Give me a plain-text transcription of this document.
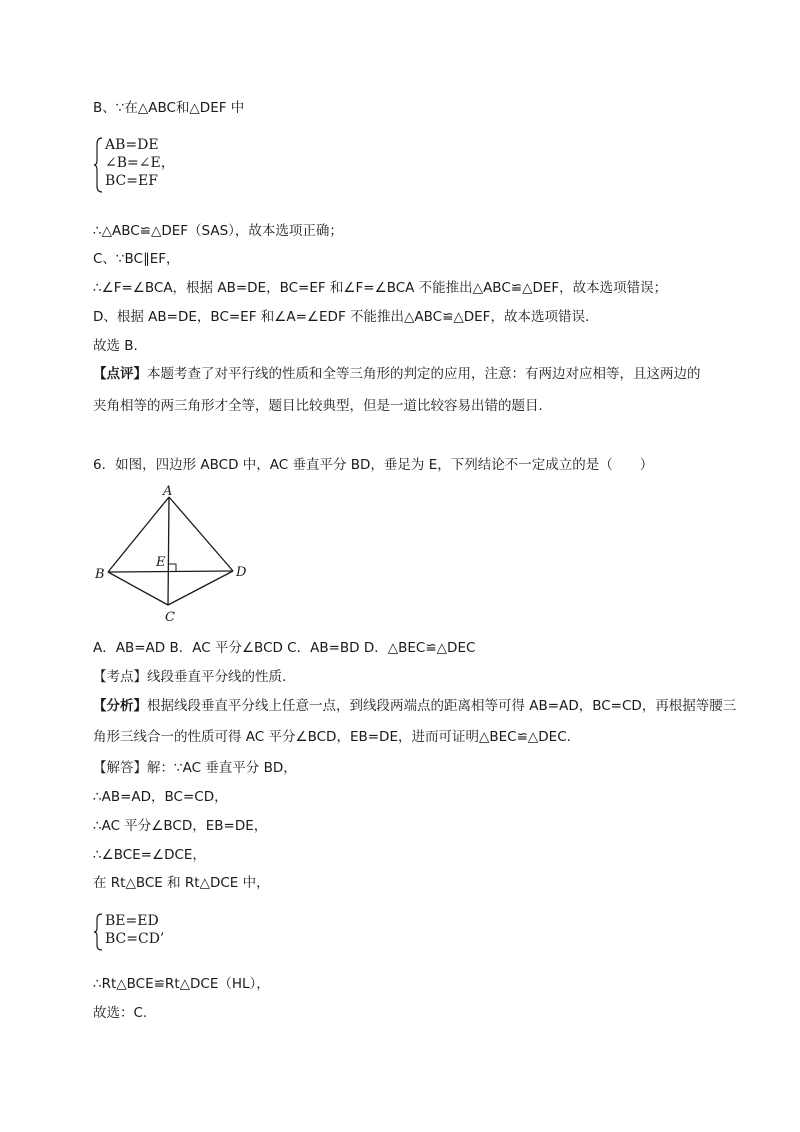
B、∵在△ABC和△DEF 中
AB=DE
∠B=∠E，
BC=EF
∴△ABC≌△DEF（SAS），故本选项正确；
C、∵BC∥EF，
∴∠F=∠BCA，根据 AB=DE，BC=EF 和∠F=∠BCA 不能推出△ABC≌△DEF，故本选项错误；
D、根据 AB=DE，BC=EF 和∠A=∠EDF 不能推出△ABC≌△DEF，故本选项错误.
故选 B.
【点评】本题考查了对平行线的性质和全等三角形的判定的应用，注意：有两边对应相等，且这两边的
夹角相等的两三角形才全等，题目比较典型，但是一道比较容易出错的题目.
6．如图，四边形 ABCD 中，AC 垂直平分 BD，垂足为 E，下列结论不一定成立的是（　　）
A
B
C
D
E
A．AB=AD B．AC 平分∠BCD C．AB=BD D．△BEC≌△DEC
【考点】线段垂直平分线的性质.
【分析】根据线段垂直平分线上任意一点，到线段两端点的距离相等可得 AB=AD，BC=CD，再根据等腰三
角形三线合一的性质可得 AC 平分∠BCD，EB=DE，进而可证明△BEC≌△DEC.
【解答】解：∵AC 垂直平分 BD，
∴AB=AD，BC=CD，
∴AC 平分∠BCD，EB=DE，
∴∠BCE=∠DCE，
在 Rt△BCE 和 Rt△DCE 中，
BE=ED
BC=CD’
∴Rt△BCE≌Rt△DCE（HL），
故选：C.
